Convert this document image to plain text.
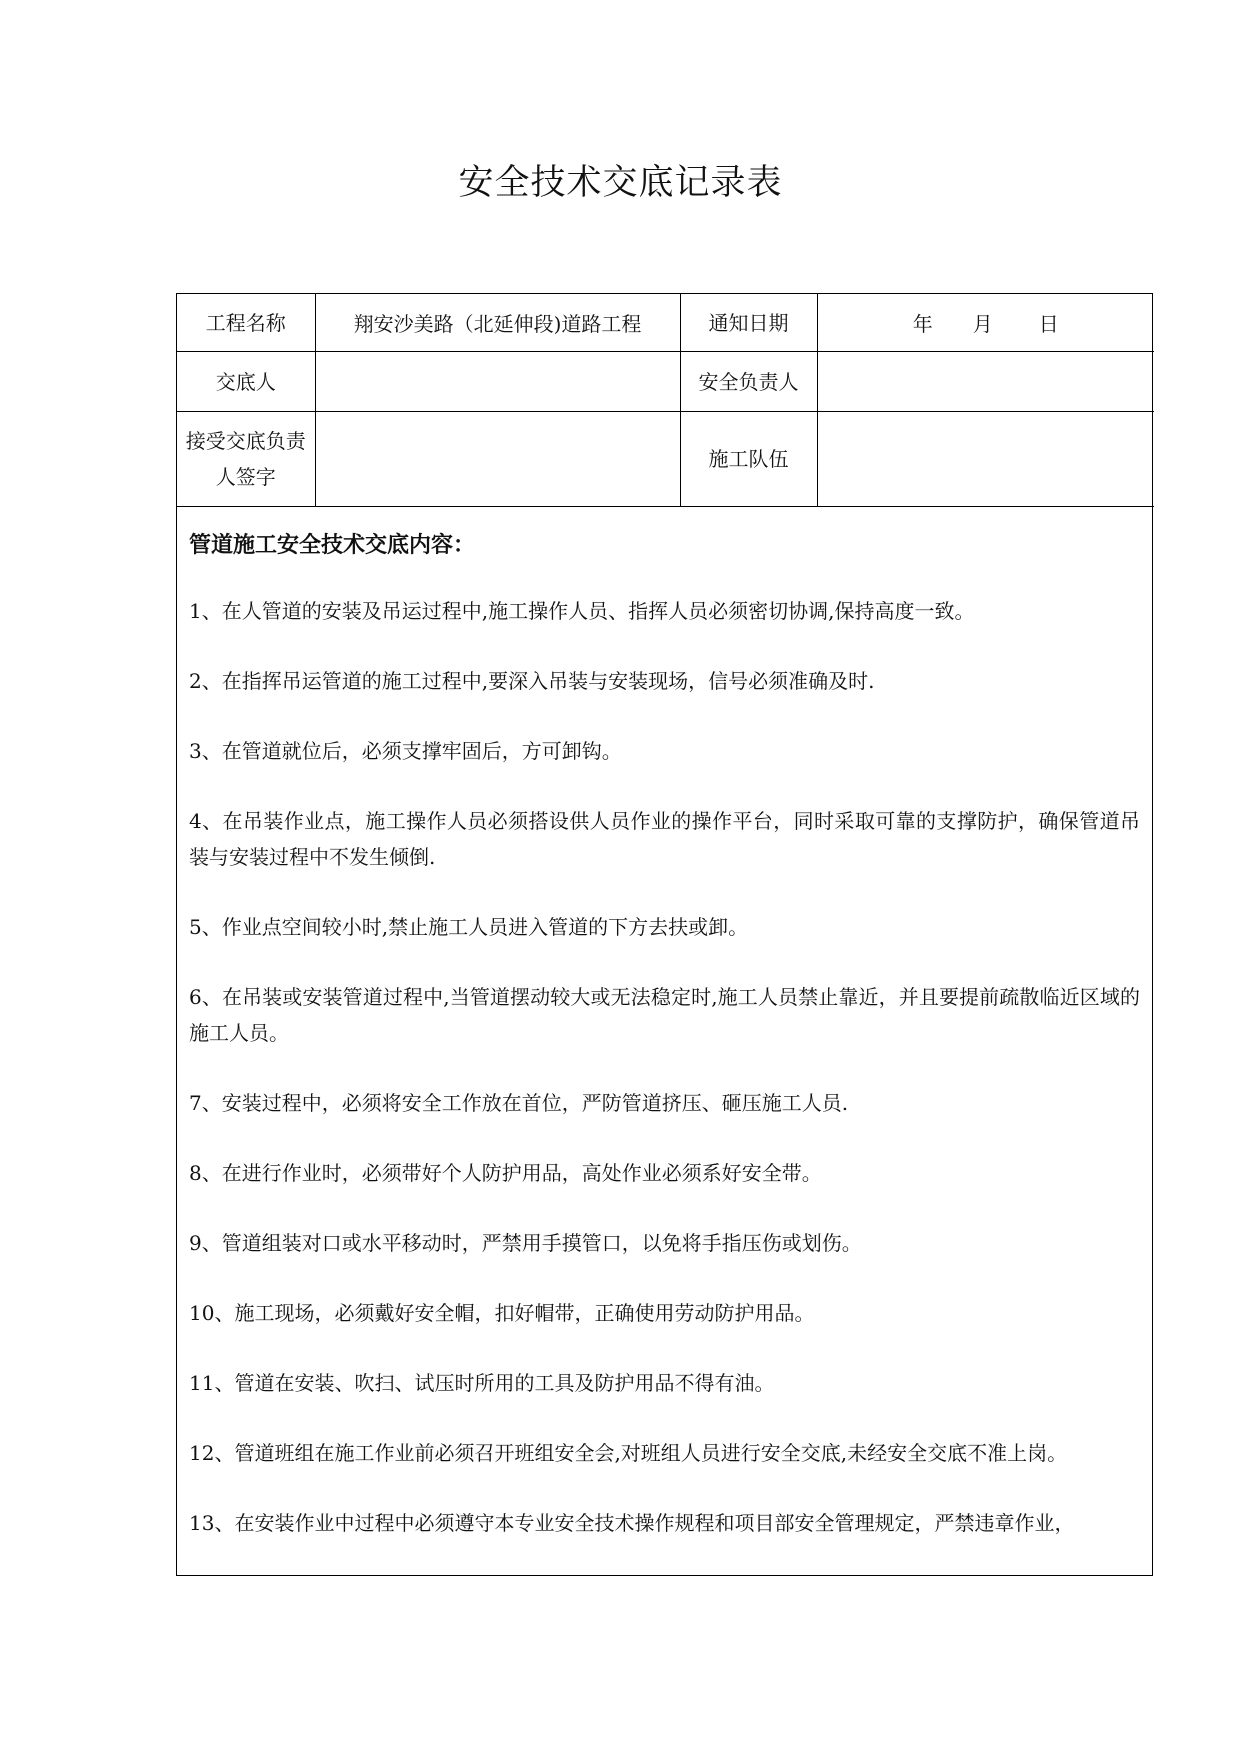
安全技术交底记录表
工程名称	翔安沙美路（北延伸段)道路工程	通知日期	年 月 日
交底人		安全负责人	
接受交底负责人签字		施工队伍	
管道施工安全技术交底内容：
1、在人管道的安装及吊运过程中,施工操作人员、指挥人员必须密切协调,保持高度一致。
2、在指挥吊运管道的施工过程中,要深入吊装与安装现场，信号必须准确及时.
3、在管道就位后，必须支撑牢固后，方可卸钩。
4、在吊装作业点，施工操作人员必须搭设供人员作业的操作平台，同时采取可靠的支撑防护，确保管道吊装与安装过程中不发生倾倒.
5、作业点空间较小时,禁止施工人员进入管道的下方去扶或卸。
6、在吊装或安装管道过程中,当管道摆动较大或无法稳定时,施工人员禁止靠近，并且要提前疏散临近区域的施工人员。
7、安装过程中，必须将安全工作放在首位，严防管道挤压、砸压施工人员.
8、在进行作业时，必须带好个人防护用品，高处作业必须系好安全带。
9、管道组装对口或水平移动时，严禁用手摸管口，以免将手指压伤或划伤。
10、施工现场，必须戴好安全帽，扣好帽带，正确使用劳动防护用品。
11、管道在安装、吹扫、试压时所用的工具及防护用品不得有油。
12、管道班组在施工作业前必须召开班组安全会,对班组人员进行安全交底,未经安全交底不准上岗。
13、在安装作业中过程中必须遵守本专业安全技术操作规程和项目部安全管理规定，严禁违章作业，
